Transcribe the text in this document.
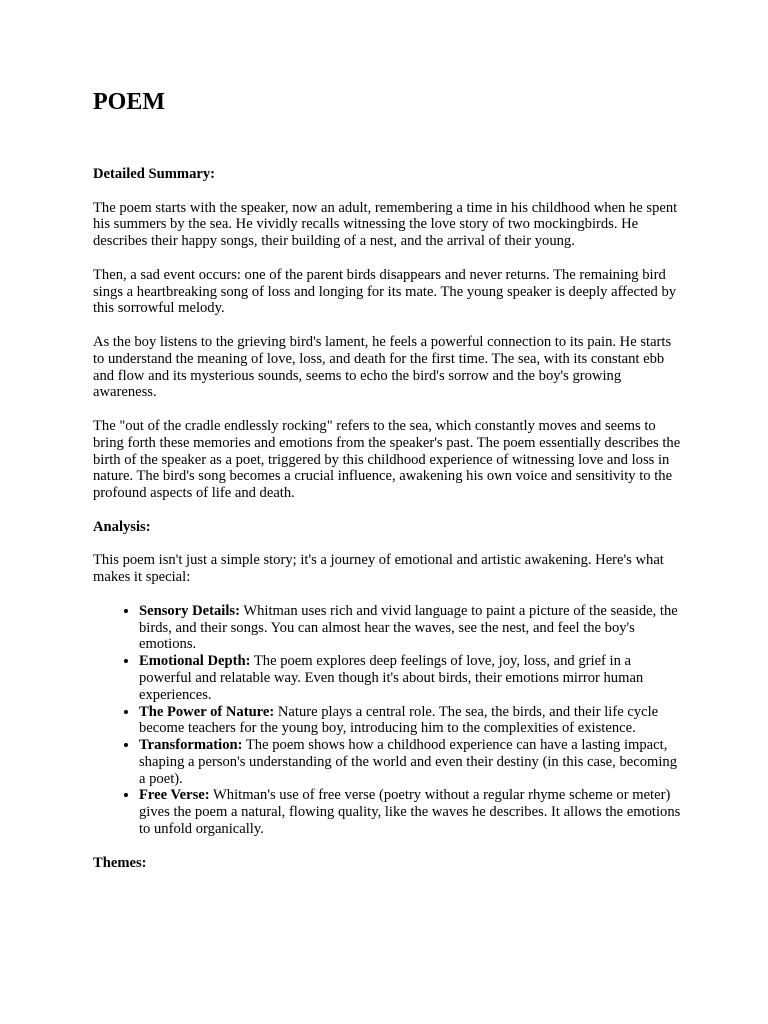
POEM
Detailed Summary:

The poem starts with the speaker, now an adult, remembering a time in his childhood when he spent his summers by the sea. He vividly recalls witnessing the love story of two mockingbirds. He describes their happy songs, their building of a nest, and the arrival of their young.

Then, a sad event occurs: one of the parent birds disappears and never returns. The remaining bird sings a heartbreaking song of loss and longing for its mate. The young speaker is deeply affected by this sorrowful melody.

As the boy listens to the grieving bird's lament, he feels a powerful connection to its pain. He starts to understand the meaning of love, loss, and death for the first time. The sea, with its constant ebb and flow and its mysterious sounds, seems to echo the bird's sorrow and the boy's growing awareness.

The "out of the cradle endlessly rocking" refers to the sea, which constantly moves and seems to bring forth these memories and emotions from the speaker's past. The poem essentially describes the birth of the speaker as a poet, triggered by this childhood experience of witnessing love and loss in nature. The bird's song becomes a crucial influence, awakening his own voice and sensitivity to the profound aspects of life and death.

Analysis:

This poem isn't just a simple story; it's a journey of emotional and artistic awakening. Here's what makes it special:

• Sensory Details: Whitman uses rich and vivid language to paint a picture of the seaside, the birds, and their songs. You can almost hear the waves, see the nest, and feel the boy's emotions.
• Emotional Depth: The poem explores deep feelings of love, joy, loss, and grief in a powerful and relatable way. Even though it's about birds, their emotions mirror human experiences.
• The Power of Nature: Nature plays a central role. The sea, the birds, and their life cycle become teachers for the young boy, introducing him to the complexities of existence.
• Transformation: The poem shows how a childhood experience can have a lasting impact, shaping a person's understanding of the world and even their destiny (in this case, becoming a poet).
• Free Verse: Whitman's use of free verse (poetry without a regular rhyme scheme or meter) gives the poem a natural, flowing quality, like the waves he describes. It allows the emotions to unfold organically.
Themes:
